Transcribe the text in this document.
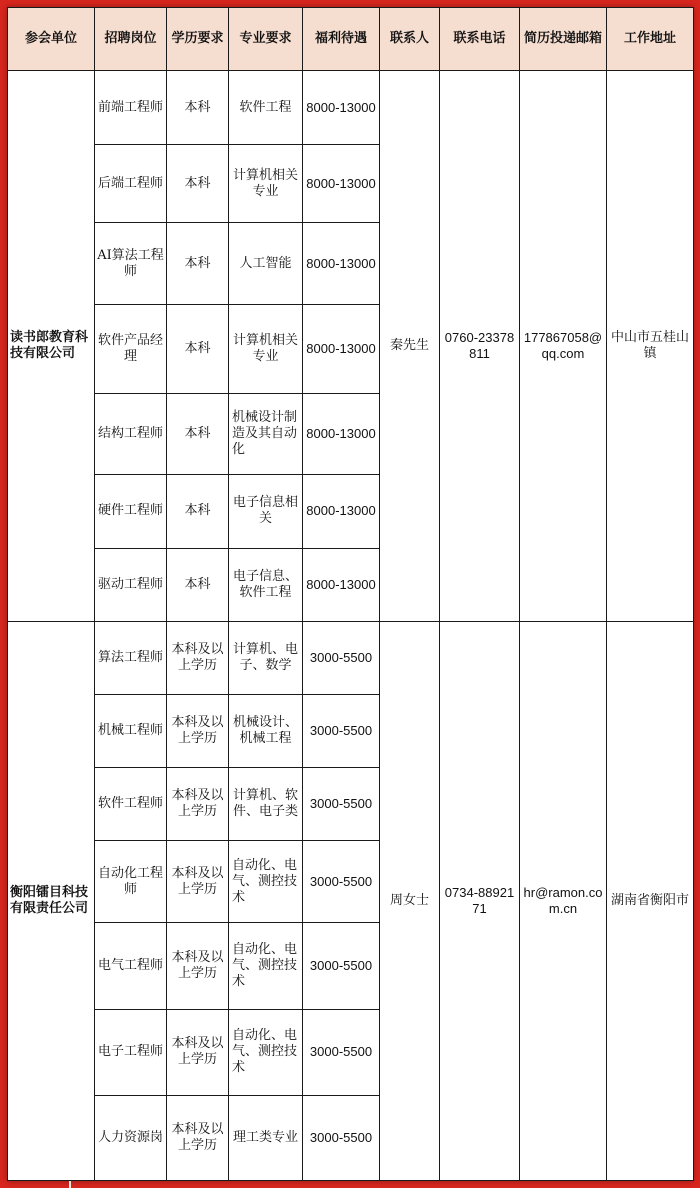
参会单位	招聘岗位	学历要求	专业要求	福利待遇	联系人	联系电话	简历投递邮箱	工作地址
读书郎教育科技有限公司	前端工程师	本科	软件工程	8000-13000	秦先生	0760-23378811	177867058@qq.com	中山市五桂山镇
	后端工程师	本科	计算机相关专业	8000-13000				
	AI算法工程师	本科	人工智能	8000-13000				
	软件产品经理	本科	计算机相关专业	8000-13000				
	结构工程师	本科	机械设计制造及其自动化	8000-13000				
	硬件工程师	本科	电子信息相关	8000-13000				
	驱动工程师	本科	电子信息、软件工程	8000-13000				
衡阳镭目科技有限责任公司	算法工程师	本科及以上学历	计算机、电子、数学	3000-5500	周女士	0734-8892171	hr@ramon.com.cn	湖南省衡阳市
	机械工程师	本科及以上学历	机械设计、机械工程	3000-5500				
	软件工程师	本科及以上学历	计算机、软件、电子类	3000-5500				
	自动化工程师	本科及以上学历	自动化、电气、测控技术	3000-5500				
	电气工程师	本科及以上学历	自动化、电气、测控技术	3000-5500				
	电子工程师	本科及以上学历	自动化、电气、测控技术	3000-5500				
	人力资源岗	本科及以上学历	理工类专业	3000-5500				
